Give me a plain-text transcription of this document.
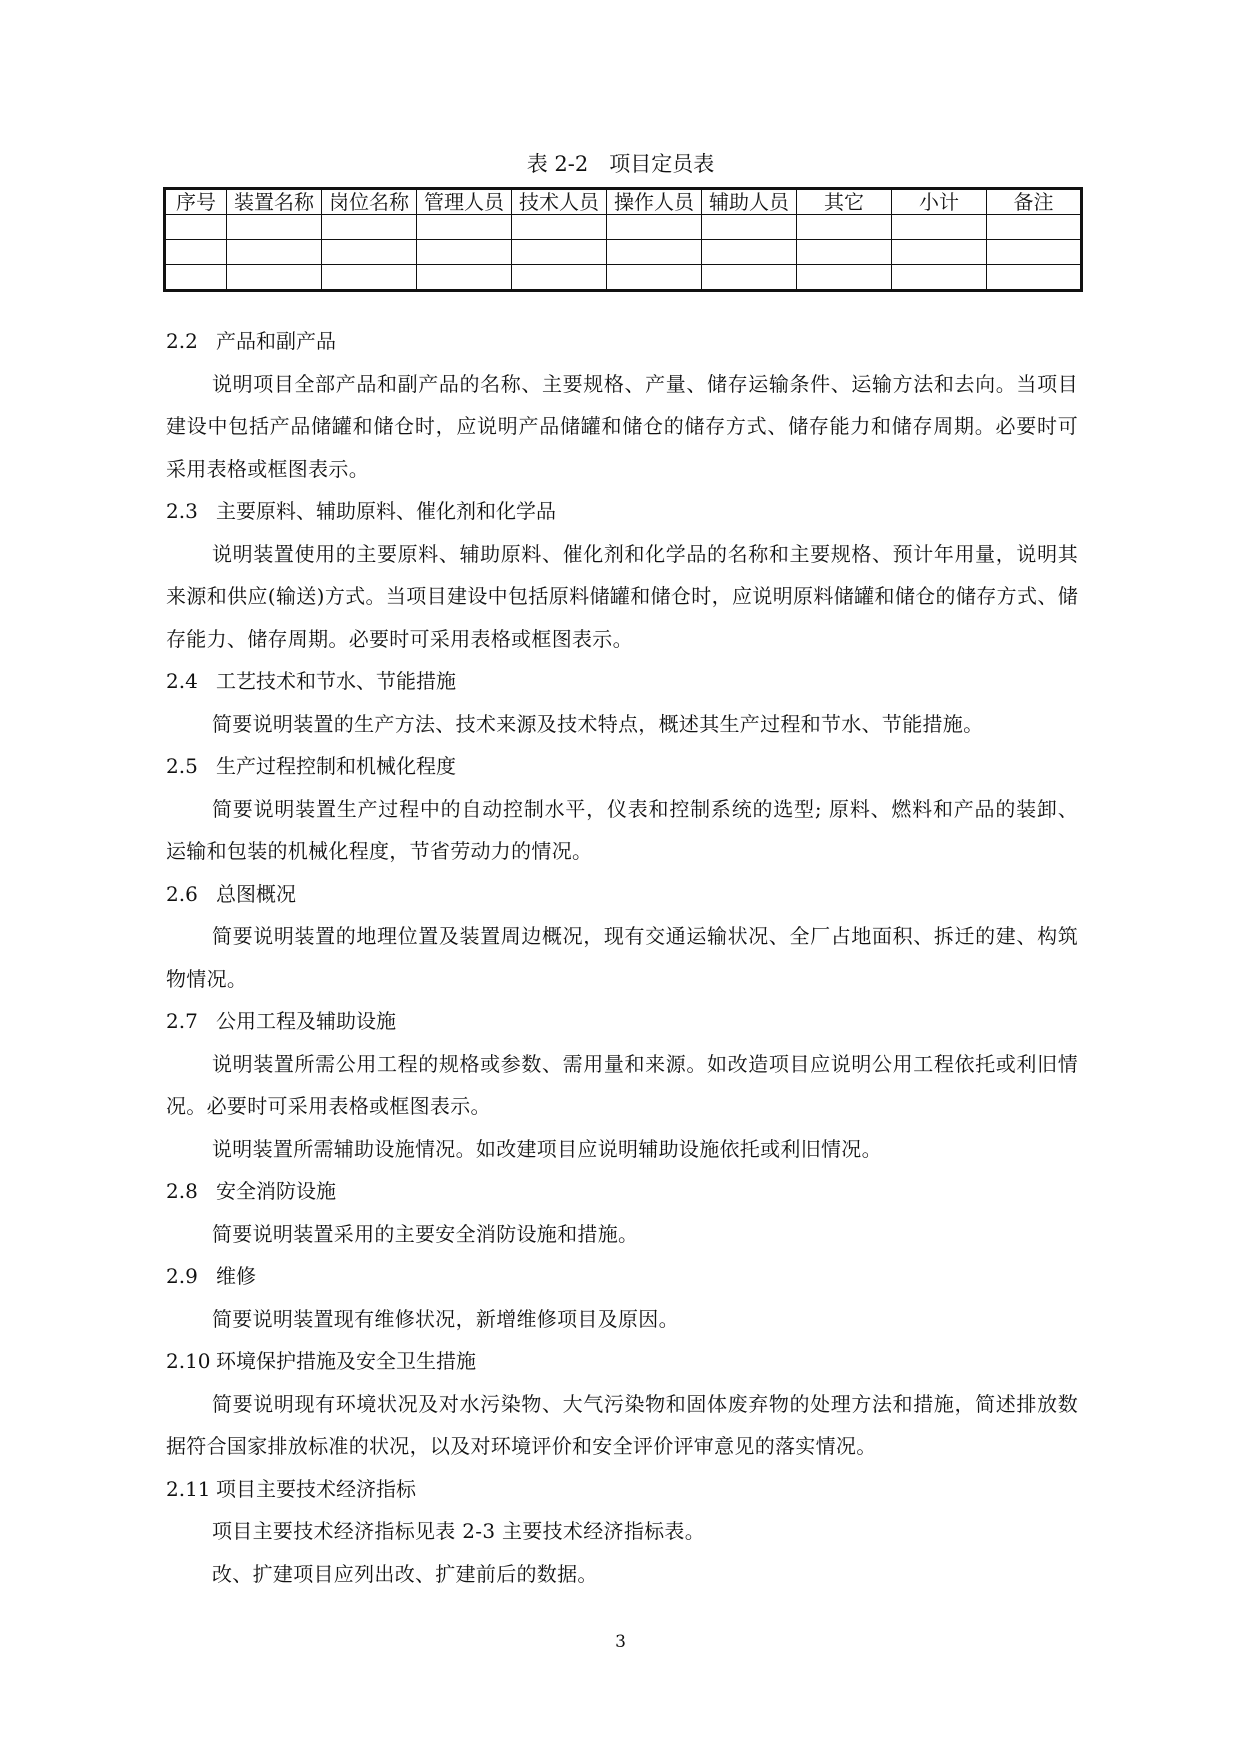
表 2-2　项目定员表
序号	装置名称	岗位名称	管理人员	技术人员	操作人员	辅助人员	其它	小计	备注

2.2 产品和副产品

说明项目全部产品和副产品的名称、主要规格、产量、储存运输条件、运输方法和去向。当项目建设中包括产品储罐和储仓时，应说明产品储罐和储仓的储存方式、储存能力和储存周期。必要时可采用表格或框图表示。

2.3 主要原料、辅助原料、催化剂和化学品

说明装置使用的主要原料、辅助原料、催化剂和化学品的名称和主要规格、预计年用量，说明其来源和供应(输送)方式。当项目建设中包括原料储罐和储仓时，应说明原料储罐和储仓的储存方式、储存能力、储存周期。必要时可采用表格或框图表示。

2.4 工艺技术和节水、节能措施

简要说明装置的生产方法、技术来源及技术特点，概述其生产过程和节水、节能措施。

2.5 生产过程控制和机械化程度

简要说明装置生产过程中的自动控制水平，仪表和控制系统的选型; 原料、燃料和产品的装卸、运输和包装的机械化程度，节省劳动力的情况。

2.6 总图概况

简要说明装置的地理位置及装置周边概况，现有交通运输状况、全厂占地面积、拆迁的建、构筑物情况。

2.7 公用工程及辅助设施

说明装置所需公用工程的规格或参数、需用量和来源。如改造项目应说明公用工程依托或利旧情况。必要时可采用表格或框图表示。

说明装置所需辅助设施情况。如改建项目应说明辅助设施依托或利旧情况。

2.8 安全消防设施

简要说明装置采用的主要安全消防设施和措施。

2.9 维修

简要说明装置现有维修状况，新增维修项目及原因。

2.10 环境保护措施及安全卫生措施

简要说明现有环境状况及对水污染物、大气污染物和固体废弃物的处理方法和措施，简述排放数据符合国家排放标准的状况，以及对环境评价和安全评价评审意见的落实情况。

2.11 项目主要技术经济指标

项目主要技术经济指标见表 2-3 主要技术经济指标表。

改、扩建项目应列出改、扩建前后的数据。

3
